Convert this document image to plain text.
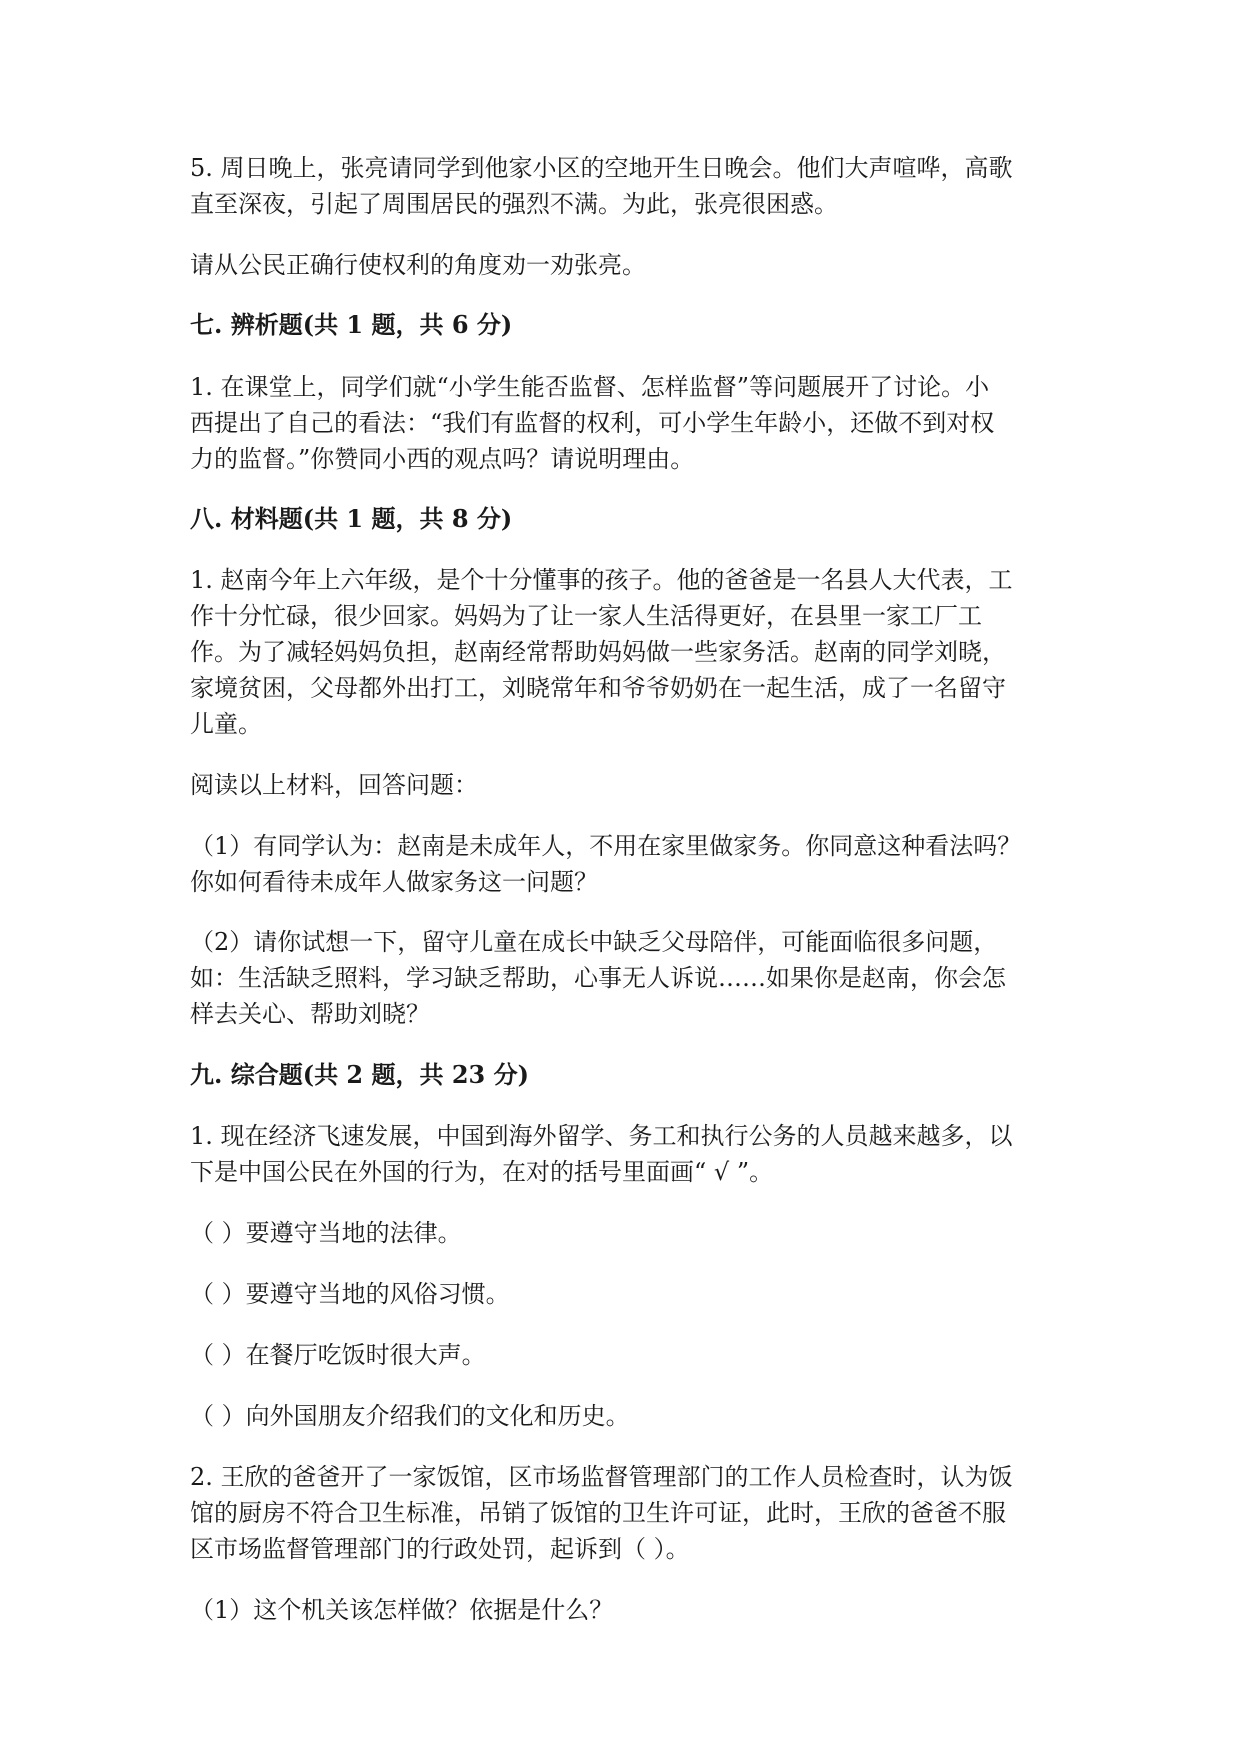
5. 周日晚上，张亮请同学到他家小区的空地开生日晚会。他们大声喧哗，高歌

直至深夜，引起了周围居民的强烈不满。为此，张亮很困惑。

请从公民正确行使权利的角度劝一劝张亮。

七. 辨析题(共 1 题，共 6 分)

1. 在课堂上，同学们就“小学生能否监督、怎样监督”等问题展开了讨论。小

西提出了自己的看法：“我们有监督的权利，可小学生年龄小，还做不到对权

力的监督。”你赞同小西的观点吗？请说明理由。

八. 材料题(共 1 题，共 8 分)

1. 赵南今年上六年级，是个十分懂事的孩子。他的爸爸是一名县人大代表，工

作十分忙碌，很少回家。妈妈为了让一家人生活得更好，在县里一家工厂工

作。为了减轻妈妈负担，赵南经常帮助妈妈做一些家务活。赵南的同学刘晓，

家境贫困，父母都外出打工，刘晓常年和爷爷奶奶在一起生活，成了一名留守

儿童。

阅读以上材料，回答问题：

（1）有同学认为：赵南是未成年人，不用在家里做家务。你同意这种看法吗？

你如何看待未成年人做家务这一问题？

（2）请你试想一下，留守儿童在成长中缺乏父母陪伴，可能面临很多问题，

如：生活缺乏照料，学习缺乏帮助，心事无人诉说……如果你是赵南，你会怎

样去关心、帮助刘晓？

九. 综合题(共 2 题，共 23 分)

1. 现在经济飞速发展，中国到海外留学、务工和执行公务的人员越来越多，以

下是中国公民在外国的行为，在对的括号里面画“ √ ”。

（ ）要遵守当地的法律。

（ ）要遵守当地的风俗习惯。

（ ）在餐厅吃饭时很大声。

（ ）向外国朋友介绍我们的文化和历史。

2. 王欣的爸爸开了一家饭馆，区市场监督管理部门的工作人员检查时，认为饭

馆的厨房不符合卫生标准，吊销了饭馆的卫生许可证，此时，王欣的爸爸不服

区市场监督管理部门的行政处罚，起诉到（ ）。

（1）这个机关该怎样做？依据是什么？
